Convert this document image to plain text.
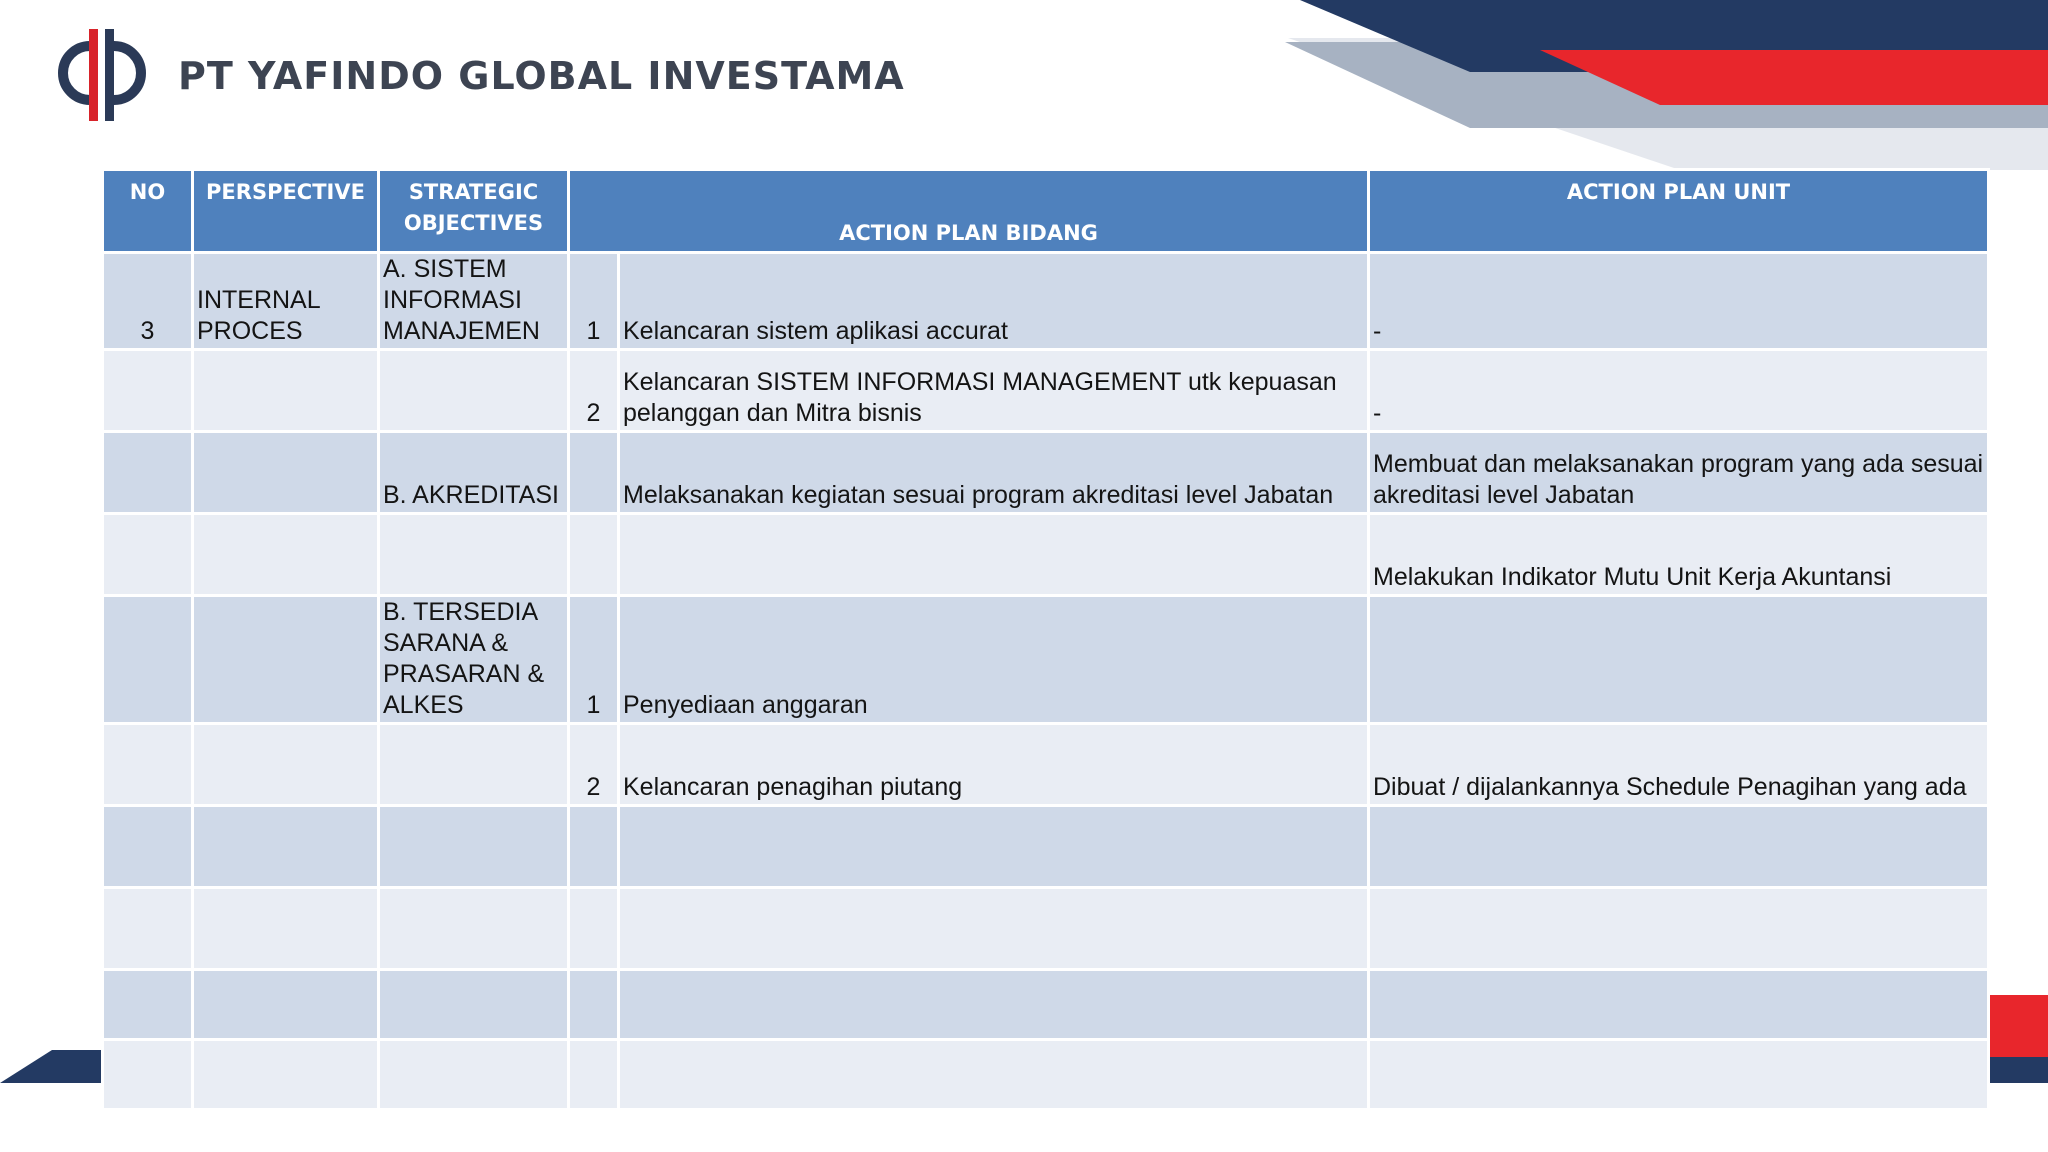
PT YAFINDO GLOBAL INVESTAMA
NO	PERSPECTIVE	STRATEGIC OBJECTIVES	ACTION PLAN BIDANG		ACTION PLAN UNIT
3	INTERNAL PROCES	A. SISTEM INFORMASI MANAJEMEN	1	Kelancaran sistem aplikasi accurat	-
			2	Kelancaran SISTEM INFORMASI MANAGEMENT utk kepuasan pelanggan dan Mitra bisnis	-
		B. AKREDITASI		Melaksanakan kegiatan sesuai program akreditasi level Jabatan	Membuat dan melaksanakan program yang ada sesuai akreditasi level Jabatan
					Melakukan Indikator Mutu Unit Kerja Akuntansi
		B. TERSEDIA SARANA & PRASARAN & ALKES	1	Penyediaan anggaran	
			2	Kelancaran penagihan piutang	Dibuat / dijalankannya Schedule Penagihan yang ada
